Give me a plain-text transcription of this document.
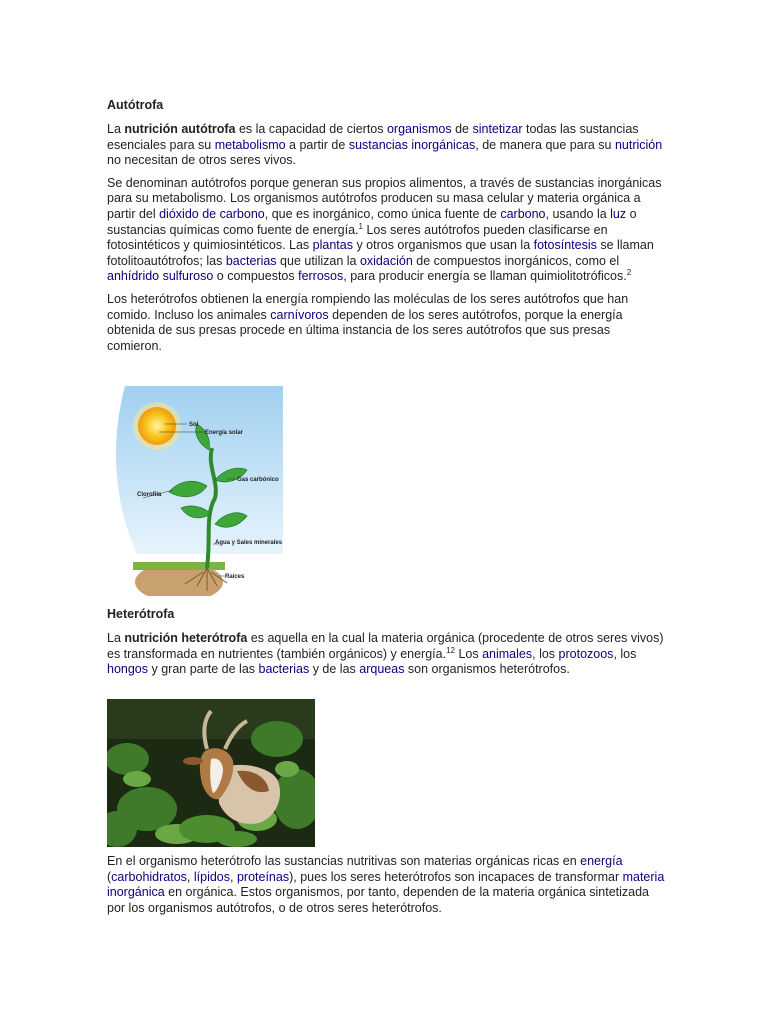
Autótrofa

La nutrición autótrofa es la capacidad de ciertos organismos de sintetizar todas las sustancias esenciales para su metabolismo a partir de sustancias inorgánicas, de manera que para su nutrición no necesitan de otros seres vivos.

Se denominan autótrofos porque generan sus propios alimentos, a través de sustancias inorgánicas para su metabolismo. Los organismos autótrofos producen su masa celular y materia orgánica a partir del dióxido de carbono, que es inorgánico, como única fuente de carbono, usando la luz o sustancias químicas como fuente de energía.$^1$ Los seres autótrofos pueden clasificarse en fotosintéticos y quimiosintéticos. Las plantas y otros organismos que usan la fotosíntesis se llaman fotolitoautótrofos; las bacterias que utilizan la oxidación de compuestos inorgánicos, como el anhídrido sulfuroso o compuestos ferrosos, para producir energía se llaman quimiolitotróficos.$^2$

Los heterótrofos obtienen la energía rompiendo las moléculas de los seres autótrofos que han comido. Incluso los animales carnívoros dependen de los seres autótrofos, porque la energía obtenida de sus presas procede en última instancia de los seres autótrofos que sus presas comieron.

Sol
Energía solar
Gas carbónico
Clorofila
Agua y Sales minerales
Raíces
Heterótrofa

La nutrición heterótrofa es aquella en la cual la materia orgánica (procedente de otros seres vivos) es transformada en nutrientes (también orgánicos) y energía.$^{12}$ Los animales, los protozoos, los hongos y gran parte de las bacterias y de las arqueas son organismos heterótrofos.

En el organismo heterótrofo las sustancias nutritivas son materias orgánicas ricas en energía (carbohidratos, lípidos, proteínas), pues los seres heterótrofos son incapaces de transformar materia inorgánica en orgánica. Estos organismos, por tanto, dependen de la materia orgánica sintetizada por los organismos autótrofos, o de otros seres heterótrofos.
